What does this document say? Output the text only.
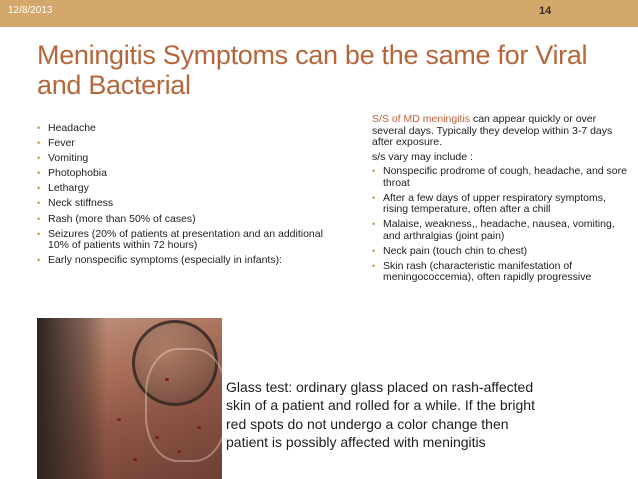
12/8/2013	14
Meningitis Symptoms can be the same for Viral and Bacterial
• Headache
• Fever
• Vomiting
• Photophobia
• Lethargy
• Neck stiffness
• Rash (more than 50% of cases)
• Seizures (20% of patients at presentation and an additional 10% of patients within 72 hours)
• Early nonspecific symptoms (especially in infants):

S/S of MD meningitis can appear quickly or over several days. Typically they develop within 3-7 days after exposure.

s/s vary may include :

• Nonspecific prodrome of cough, headache, and sore throat
• After a few days of upper respiratory symptoms, rising temperature, often after a chill
• Malaise, weakness,, headache, nausea, vomiting, and arthralgias (joint pain)
• Neck pain (touch chin to chest)
• Skin rash (characteristic manifestation of meningococcemia), often rapidly progressive
Glass test: ordinary glass placed on rash-affected skin of a patient and rolled for a while. If the bright red spots do not undergo a color change then patient is possibly affected with meningitis
